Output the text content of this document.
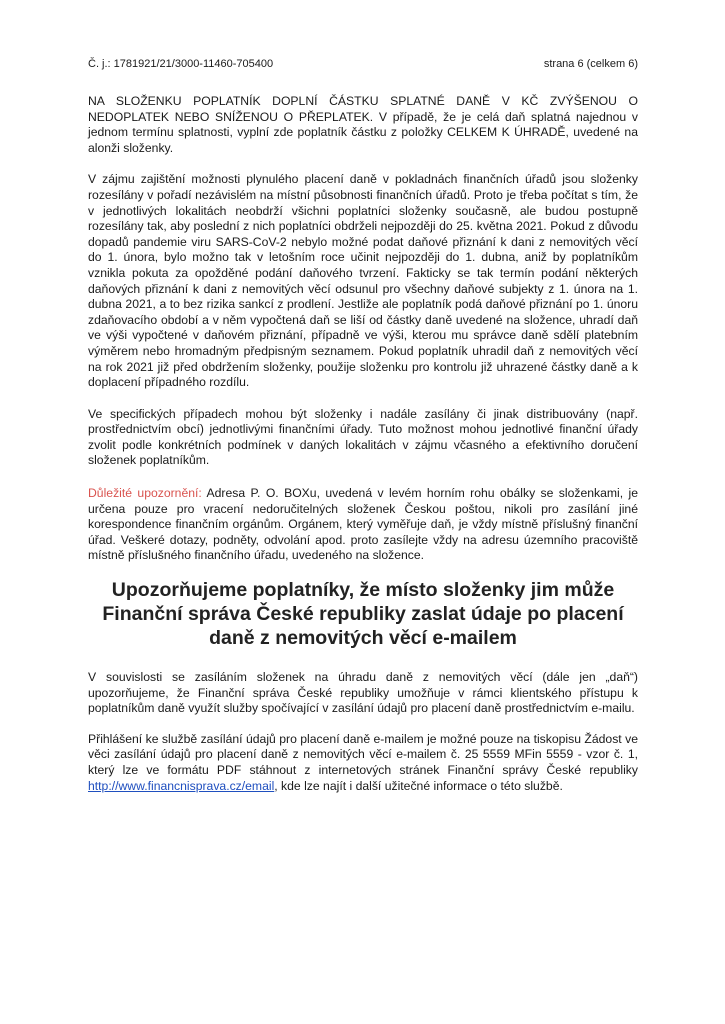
Č. j.: 1781921/21/3000-11460-705400	strana 6 (celkem 6)

NA SLOŽENKU POPLATNÍK DOPLNÍ ČÁSTKU SPLATNÉ DANĚ V KČ ZVÝŠENOU O NEDOPLATEK NEBO SNÍŽENOU O PŘEPLATEK. V případě, že je celá daň splatná najednou v jednom termínu splatnosti, vyplní zde poplatník částku z položky CELKEM K ÚHRADĚ, uvedené na alonži složenky.

V zájmu zajištění možnosti plynulého placení daně v pokladnách finančních úřadů jsou složenky rozesílány v pořadí nezávislém na místní působnosti finančních úřadů. Proto je třeba počítat s tím, že v jednotlivých lokalitách neobdrží všichni poplatníci složenky současně, ale budou postupně rozesílány tak, aby poslední z nich poplatníci obdrželi nejpozději do 25. května 2021. Pokud z důvodu dopadů pandemie viru SARS-CoV-2 nebylo možné podat daňové přiznání k dani z nemovitých věcí do 1. února, bylo možno tak v letošním roce učinit nejpozději do 1. dubna, aniž by poplatníkům vznikla pokuta za opožděné podání daňového tvrzení. Fakticky se tak termín podání některých daňových přiznání k dani z nemovitých věcí odsunul pro všechny daňové subjekty z 1. února na 1. dubna 2021, a to bez rizika sankcí z prodlení. Jestliže ale poplatník podá daňové přiznání po 1. únoru zdaňovacího období a v něm vypočtená daň se liší od částky daně uvedené na složence, uhradí daň ve výši vypočtené v daňovém přiznání, případně ve výši, kterou mu správce daně sdělí platebním výměrem nebo hromadným předpisným seznamem. Pokud poplatník uhradil daň z nemovitých věcí na rok 2021 již před obdržením složenky, použije složenku pro kontrolu již uhrazené částky daně a k doplacení případného rozdílu.

Ve specifických případech mohou být složenky i nadále zasílány či jinak distribuovány (např. prostřednictvím obcí) jednotlivými finančními úřady. Tuto možnost mohou jednotlivé finanční úřady zvolit podle konkrétních podmínek v daných lokalitách v zájmu včasného a efektivního doručení složenek poplatníkům.

Důležité upozornění: Adresa P. O. BOXu, uvedená v levém horním rohu obálky se složenkami, je určena pouze pro vracení nedoručitelných složenek Českou poštou, nikoli pro zasílání jiné korespondence finančním orgánům. Orgánem, který vyměřuje daň, je vždy místně příslušný finanční úřad. Veškeré dotazy, podněty, odvolání apod. proto zasílejte vždy na adresu územního pracoviště místně příslušného finančního úřadu, uvedeného na složence.

Upozorňujeme poplatníky, že místo složenky jim může Finanční správa České republiky zaslat údaje po placení daně z nemovitých věcí e-mailem

V souvislosti se zasíláním složenek na úhradu daně z nemovitých věcí (dále jen „daň“) upozorňujeme, že Finanční správa České republiky umožňuje v rámci klientského přístupu k poplatníkům daně využít služby spočívající v zasílání údajů pro placení daně prostřednictvím e-mailu.

Přihlášení ke službě zasílání údajů pro placení daně e-mailem je možné pouze na tiskopisu Žádost ve věci zasílání údajů pro placení daně z nemovitých věcí e-mailem č. 25 5559 MFin 5559 - vzor č. 1, který lze ve formátu PDF stáhnout z internetových stránek Finanční správy České republiky http://www.financnisprava.cz/email, kde lze najít i další užitečné informace o této službě.
